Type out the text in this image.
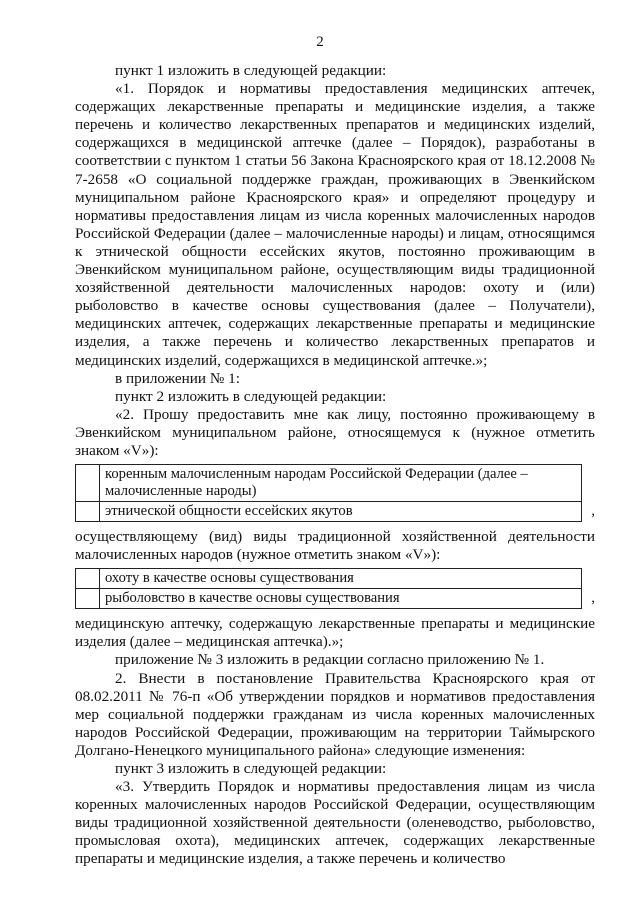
2

пункт 1 изложить в следующей редакции:

«1. Порядок и нормативы предоставления медицинских аптечек, содержащих лекарственные препараты и медицинские изделия, а также перечень и количество лекарственных препаратов и медицинских изделий, содержащихся в медицинской аптечке (далее – Порядок), разработаны в соответствии с пунктом 1 статьи 56 Закона Красноярского края от 18.12.2008 № 7-2658 «О социальной поддержке граждан, проживающих в Эвенкийском муниципальном районе Красноярского края» и определяют процедуру и нормативы предоставления лицам из числа коренных малочисленных народов Российской Федерации (далее – малочисленные народы) и лицам, относящимся к этнической общности ессейских якутов, постоянно проживающим в Эвенкийском муниципальном районе, осуществляющим виды традиционной хозяйственной деятельности малочисленных народов: охоту и (или) рыболовство в качестве основы существования (далее – Получатели), медицинских аптечек, содержащих лекарственные препараты и медицинские изделия, а также перечень и количество лекарственных препаратов и медицинских изделий, содержащихся в медицинской аптечке.»;

в приложении № 1:

пункт 2 изложить в следующей редакции:

«2. Прошу предоставить мне как лицу, постоянно проживающему в Эвенкийском муниципальном районе, относящемуся к (нужное отметить знаком «V»):

	коренным малочисленным народам Российской Федерации (далее – малочисленные народы)
	этнической общности ессейских якутов	,

осуществляющему (вид) виды традиционной хозяйственной деятельности малочисленных народов (нужное отметить знаком «V»):

	охоту в качестве основы существования
	рыболовство в качестве основы существования	,

медицинскую аптечку, содержащую лекарственные препараты и медицинские изделия (далее – медицинская аптечка).»;

приложение № 3 изложить в редакции согласно приложению № 1.

2. Внести в постановление Правительства Красноярского края от 08.02.2011 № 76-п «Об утверждении порядков и нормативов предоставления мер социальной поддержки гражданам из числа коренных малочисленных народов Российской Федерации, проживающим на территории Таймырского Долгано-Ненецкого муниципального района» следующие изменения:

пункт 3 изложить в следующей редакции:

«3. Утвердить Порядок и нормативы предоставления лицам из числа коренных малочисленных народов Российской Федерации, осуществляющим виды традиционной хозяйственной деятельности (оленеводство, рыболовство, промысловая охота), медицинских аптечек, содержащих лекарственные препараты и медицинские изделия, а также перечень и количество
